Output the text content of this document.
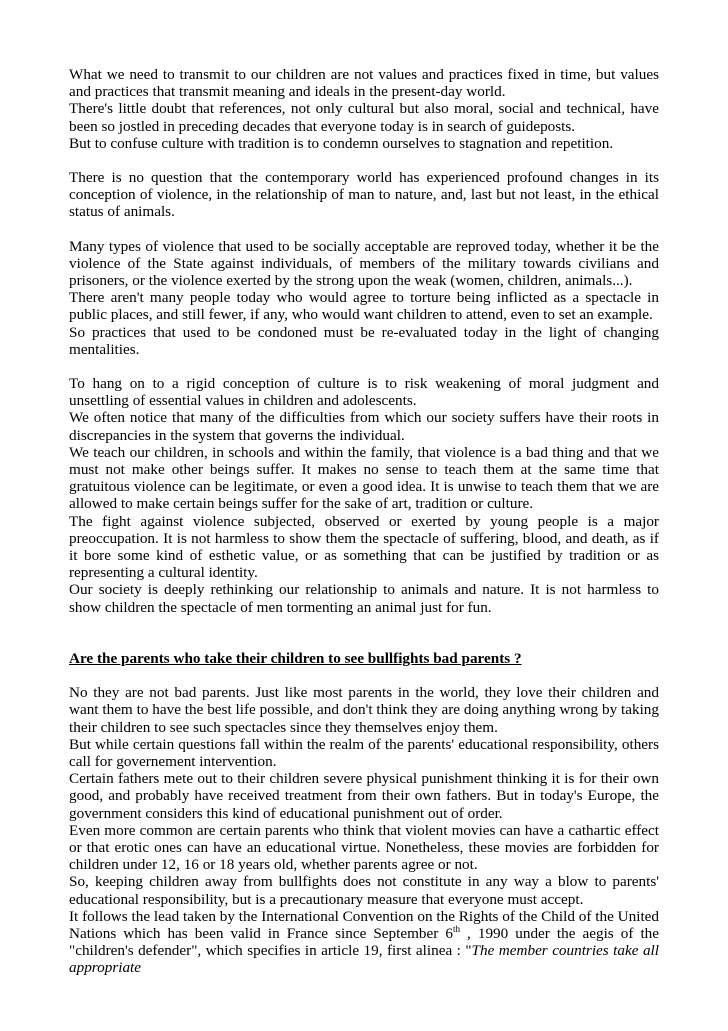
What we need to transmit to our children are not values and practices fixed in time, but values and practices that transmit meaning and ideals in the present-day world.
There's little doubt that references, not only cultural but also moral, social and technical, have been so jostled in preceding decades that everyone today is in search of guideposts.
But to confuse culture with tradition is to condemn ourselves to stagnation and repetition.
There is no question that the contemporary world has experienced profound changes in its conception of violence, in the relationship of man to nature, and, last but not least, in the ethical status of animals.
Many types of violence that used to be socially acceptable are reproved today, whether it be the violence of the State against individuals, of members of the military towards civilians and prisoners, or the violence exerted by the strong upon the weak (women, children, animals...).
There aren't many people today who would agree to torture being inflicted as a spectacle in public places, and still fewer, if any, who would want children to attend, even to set an example.
So practices that used to be condoned must be re-evaluated today in the light of changing mentalities.
To hang on to a rigid conception of culture is to risk weakening of moral judgment and unsettling of essential values in children and adolescents.
We often notice that many of the difficulties from which our society suffers have their roots in discrepancies in the system that governs the individual.
We teach our children, in schools and within the family, that violence is a bad thing and that we must not make other beings suffer. It makes no sense to teach them at the same time that gratuitous violence can be legitimate, or even a good idea. It is unwise to teach them that we are allowed to make certain beings suffer for the sake of art, tradition or culture.
The fight against violence subjected, observed or exerted by young people is a major preoccupation. It is not harmless to show them the spectacle of suffering, blood, and death, as if it bore some kind of esthetic value, or as something that can be justified by tradition or as representing a cultural identity.
Our society is deeply rethinking our relationship to animals and nature. It is not harmless to show children the spectacle of men tormenting an animal just for fun.
Are the parents who take their children to see bullfights bad parents ?
No they are not bad parents. Just like most parents in the world, they love their children and want them to have the best life possible, and don't think they are doing anything wrong by taking their children to see such spectacles since they themselves enjoy them.
But while certain questions fall within the realm of the parents' educational responsibility, others call for governement intervention.
Certain fathers mete out to their children severe physical punishment thinking it is for their own good, and probably have received treatment from their own fathers. But in today's Europe, the government considers this kind of educational punishment out of order.
Even more common are certain parents who think that violent movies can have a cathartic effect or that erotic ones can have an educational virtue. Nonetheless, these movies are forbidden for children under 12, 16 or 18 years old, whether parents agree or not.
So, keeping children away from bullfights does not constitute in any way a blow to parents' educational responsibility, but is a precautionary measure that everyone must accept.
It follows the lead taken by the International Convention on the Rights of the Child of the United Nations which has been valid in France since September 6th , 1990 under the aegis of the "children's defender", which specifies in article 19, first alinea : "The member countries take all appropriate
